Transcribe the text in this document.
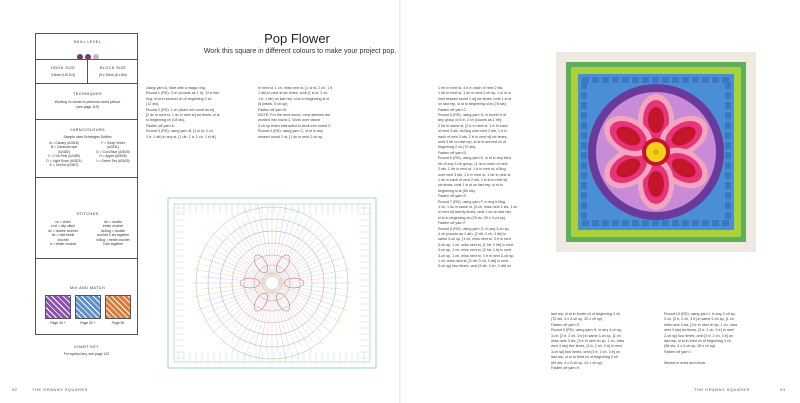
SKILL LEVEL
HOOK SIZE
3.5mm (US E/4)
BLOCK SIZE
(5 x 15cm (6 x 6in)
TECHNIQUES
Working in rounds to previous round (above
(see page 119)
YARN/COLOURS
Sample uses Scheepjes Softfun
A = Canary (#2518)
B = Cardinal rope
(#2482)
C = Hot Pink (#2485)
D = Light Rose (#2523)
E = Orchid (#2467)
F = Deep Violet
(#2531)
G = Cool Blue (#2620)
H = Apple (#2539)
I = Green Tea (#2629)
STITCHES
ch = chain
sl st = slip stitch
dc = double crochet
htr = half treble
crochet
tr = treble crochet
dtr = double
treble crochet
dc2tog = double
crochet 2 sts together
tr3tog = treble crochet
3 sts together
MIX AND MATCH
Page 30 +	Page 52 +	Page 56
CHART KEY
For symbol key, see page 122
Pop Flower
Work this square in different colours to make your project pop.

Using yarn A, start with a magic ring.

Round 1 (RS): 3 ch (counts as 1 tr), 11 tr into

ring, sl st in second ch of beginning 2 ch

(12 sts).

Round 2 (RS): 1 ch (does not count as st),

[2 dc in next st, 1 dc in next st] six times, sl st

to beginning ch (18 sts).

Fasten off yarn A.

Round 3 (RS): using yarn B, [1 sl st, 2 ch,

1 tr, 1 dtr] in any st, [1 dtr, 1 tr, 2 ch, 1 sl st]

in next st, 1 ch, miss next st, [1 sl st, 2 ch, 1 tr,

1 dtr] in next st six times, omit [1 sl st, 2 ch,

1 tr, 1 dtr] on last rep, sl st to beginning sl st

(6 petals, 6 ch-sp).

Fasten off yarn B.

NOTE: For the next round, most stitches are

worked into round 2. Work over raised

3 ch sp when instructed to work into round 2.

Round 4 (RS): using yarn C, sl st in any

missed round 2 st, [1 dc in next 2-ch sp,

1 htr in next st, 4 tr in each of next 2 sts,

1 htr in next st, 1 dc in next 2-ch sp, 1 sl st in

next missed round 2 st] six times, omit 1 sl st

on last rep, sl st to beginning sl st (78 sts).

Fasten off yarn C.

Round 5 (RS): using yarn D, in fourth tr of

any group of 8 tr, 2 ch (counts as 1 htr),

2 htr in same st, [2 tr in next st, 1 tr in each

of next 3 sts, dc2tog over next 2 sts, 1 tr in

each of next 3 sts, 2 tr in next st] six times,

omit 3 htr on last rep, sl st in second ch of

beginning 2 ch (72 sts).

Fasten off yarn D.

Round 6 (RS): using yarn E, sl st in any third

htr of any 3-htr group, [1 dc in each of next

2 sts, 1 htr in next st, 1 tr in next st, tr3tog

over next 3 sts, 1 tr in next st, 1 htr in next st,

1 dc in each of next 2 sts, 1 sl st in next st]

six times, omit 1 sl st on last rep, sl st to

beginning sl st (60 sts).

Fasten off yarn E.

Round 7 (RS): using yarn F, in any tr3tog,

1 ch, 1 dc in same st, [3 ch, miss next 2 sts, 1 dc

in next st] twenty times, omit 1 dc on last rep,

sl st in beginning dc (20 dc, 20 x 3-ch sp).

Fasten off yarn F.

Round 8 (RS): using yarn G, in any 3-ch sp,

4 ch (counts as 1 dtr), [2 dtr, 3 ch, 3 dtr] in

same 3-ch sp, [1 ch, miss next st, 3 tr in next

3-ch sp, 1 ch, miss next st, [1 htr, 2 htr] in next

3-ch sp, 1 ch, miss next st, [2 htr, 1 tr] in next

3-ch sp, 1 ch, miss next st, 3 tr in next 3-ch sp,

1 ch, miss next st, [3 dtr, 3 ch, 3 dtr] in next

3-ch sp] four times, omit [3 dtr, 3 ch, 3 dtr] on

last rep, sl st in fourth ch of beginning 4 ch

(72 sts, 4 x 3-ch sp, 20 x ch sp).

Fasten off yarn G.

Round 9 (RS): using yarn H, in any 3-ch sp,

3 ch, [2 tr, 2 ch, 3 tr] in same 3-ch sp, [1 ch,

miss next 3 sts, [3 tr in next ch sp, 1 ch, miss

next 3 sts] five times, [3 tr, 2 ch, 3 tr] in next

3-ch sp] four times, omit [3 tr, 2 ch, 3 tr] on

last rep, sl st to third ch of beginning 3 ch

(84 sts, 4 x 2-ch sp, 24 x ch sp).

Fasten off yarn H.

Round 10 (RS): using yarn I, in any 2-ch sp,

3 ch, [2 tr, 2 ch, 3 tr] in same 2-ch sp, [1 ch,

miss next 3 sts, [3 tr in next ch sp, 1 ch, miss

next 3 sts] six times, [3 tr, 2 ch, 3 tr] in next

2-ch sp] four times, omit [3 tr, 2 ch, 3 tr] on

last rep, sl st in third ch of beginning 3 ch

(96 sts, 4 x 2-ch sp, 28 x ch sp).

Fasten off yarn I.

Weave in ends and block.

92	THE GRANNY SQUARES	THE GRANNY SQUARES	93
